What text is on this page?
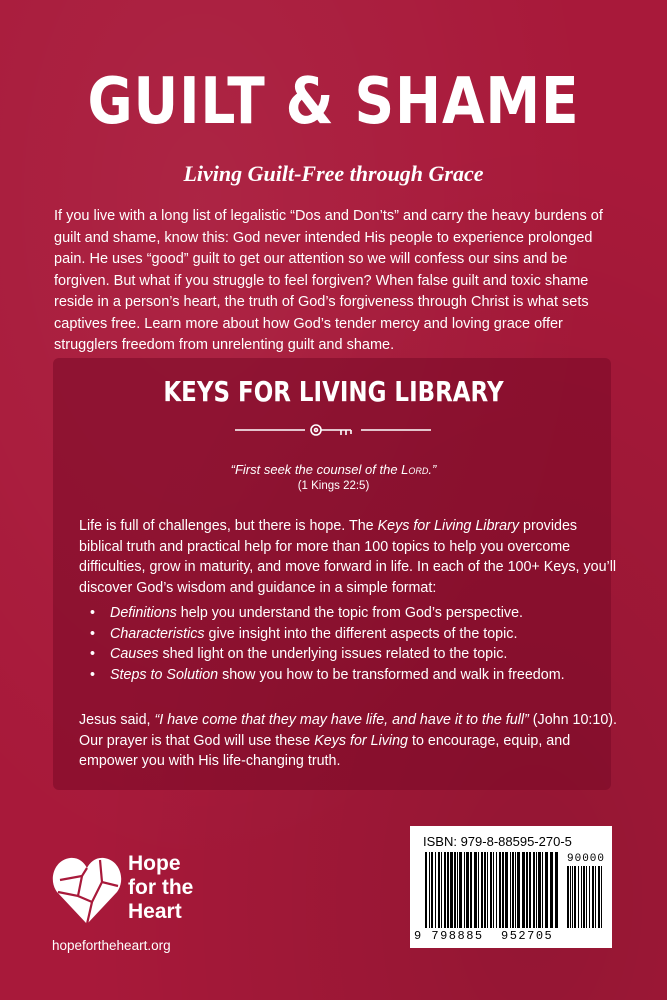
GUILT & SHAME
Living Guilt-Free through Grace
If you live with a long list of legalistic “Dos and Don’ts” and carry the heavy burdens of guilt and shame, know this: God never intended His people to experience prolonged pain. He uses “good” guilt to get our attention so we will confess our sins and be forgiven. But what if you struggle to feel forgiven? When false guilt and toxic shame reside in a person’s heart, the truth of God’s forgiveness through Christ is what sets captives free. Learn more about how God’s tender mercy and loving grace offer strugglers freedom from unrelenting guilt and shame.
KEYS FOR LIVING LIBRARY
“First seek the counsel of the Lord.”
(1 Kings 22:5)
Life is full of challenges, but there is hope. The Keys for Living Library provides biblical truth and practical help for more than 100 topics to help you overcome difficulties, grow in maturity, and move forward in life. In each of the 100+ Keys, you’ll discover God’s wisdom and guidance in a simple format:
• Definitions help you understand the topic from God’s perspective.
• Characteristics give insight into the different aspects of the topic.
• Causes shed light on the underlying issues related to the topic.
• Steps to Solution show you how to be transformed and walk in freedom.
Jesus said, “I have come that they may have life, and have it to the full” (John 10:10). Our prayer is that God will use these Keys for Living to encourage, equip, and empower you with His life-changing truth.
Hope
for the
Heart
hopefortheheart.org
ISBN: 979-8-88595-270-5
90000
9 798885 952705
